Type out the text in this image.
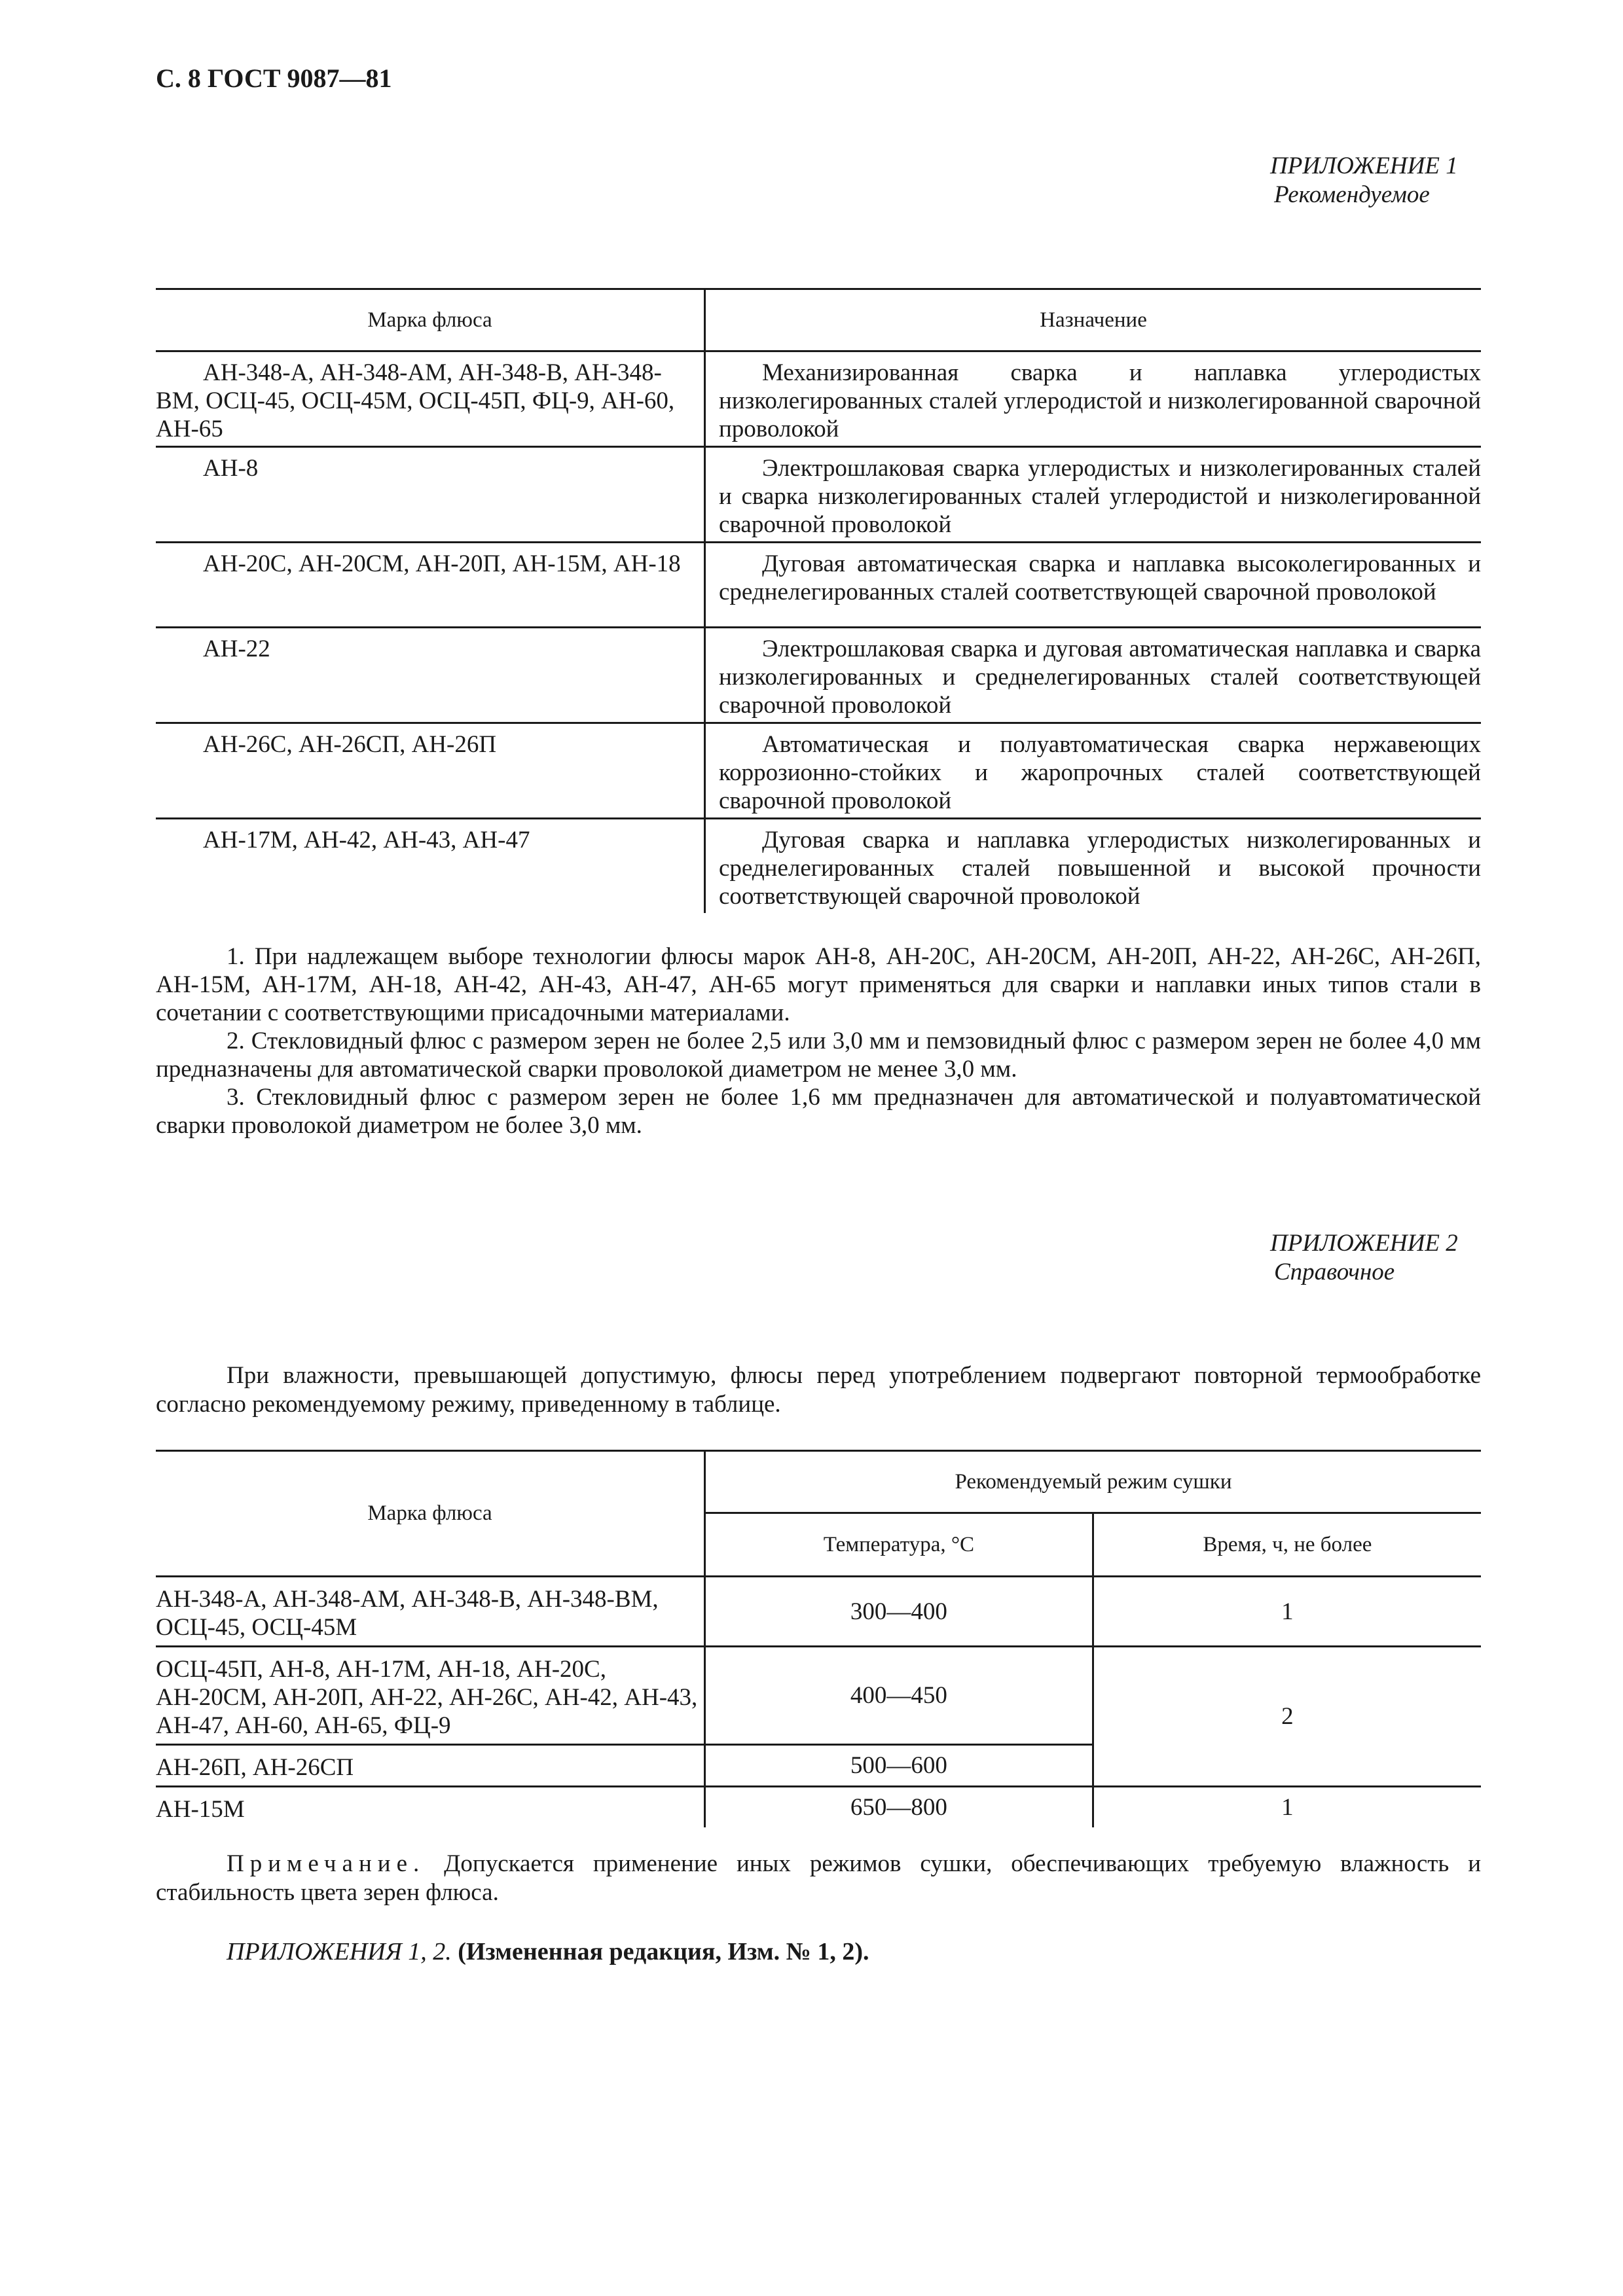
С. 8 ГОСТ 9087—81
ПРИЛОЖЕНИЕ 1
Рекомендуемое
Марка флюса	Назначение
АН-348-А, АН-348-АМ, АН-348-В, АН-348-ВМ, ОСЦ-45, ОСЦ-45М, ОСЦ-45П, ФЦ-9, АН-60, АН-65	Механизированная сварка и наплавка углеродистых низколегированных сталей углеродистой и низколегированной сварочной проволокой
АН-8	Электрошлаковая сварка углеродистых и низколегированных сталей и сварка низколегированных сталей углеродистой и низколегированной сварочной проволокой
АН-20С, АН-20СМ, АН-20П, АН-15М, АН-18	Дуговая автоматическая сварка и наплавка высоколегированных и среднелегированных сталей соответствующей сварочной проволокой
АН-22	Электрошлаковая сварка и дуговая автоматическая наплавка и сварка низколегированных и среднелегированных сталей соответствующей сварочной проволокой
АН-26С, АН-26СП, АН-26П	Автоматическая и полуавтоматическая сварка нержавеющих коррозионно-стойких и жаропрочных сталей соответствующей сварочной проволокой
АН-17М, АН-42, АН-43, АН-47	Дуговая сварка и наплавка углеродистых низколегированных и среднелегированных сталей повышенной и высокой прочности соответствующей сварочной проволокой

1. При надлежащем выборе технологии флюсы марок АН-8, АН-20С, АН-20СМ, АН-20П, АН-22, АН-26С, АН-26П, АН-15М, АН-17М, АН-18, АН-42, АН-43, АН-47, АН-65 могут применяться для сварки и наплавки иных типов стали в сочетании с соответствующими присадочными материалами.

2. Стекловидный флюс с размером зерен не более 2,5 или 3,0 мм и пемзовидный флюс с размером зерен не более 4,0 мм предназначены для автоматической сварки проволокой диаметром не менее 3,0 мм.

3. Стекловидный флюс с размером зерен не более 1,6 мм предназначен для автоматической и полуавтоматической сварки проволокой диаметром не более 3,0 мм.

ПРИЛОЖЕНИЕ 2
Справочное

При влажности, превышающей допустимую, флюсы перед употреблением подвергают повторной термообработке согласно рекомендуемому режиму, приведенному в таблице.

Марка флюса	Рекомендуемый режим сушки	
	Температура, °С	Время, ч, не более
АН-348-А, АН-348-АМ, АН-348-В, АН-348-ВМ, ОСЦ-45, ОСЦ-45М	300—400	1
ОСЦ-45П, АН-8, АН-17М, АН-18, АН-20С, АН-20СМ, АН-20П, АН-22, АН-26С, АН-42, АН-43, АН-47, АН-60, АН-65, ФЦ-9	400—450	2
АН-26П, АН-26СП	500—600	
АН-15М	650—800	1

Примечание. Допускается применение иных режимов сушки, обеспечивающих требуемую влажность и стабильность цвета зерен флюса.

ПРИЛОЖЕНИЯ 1, 2. (Измененная редакция, Изм. № 1, 2).
